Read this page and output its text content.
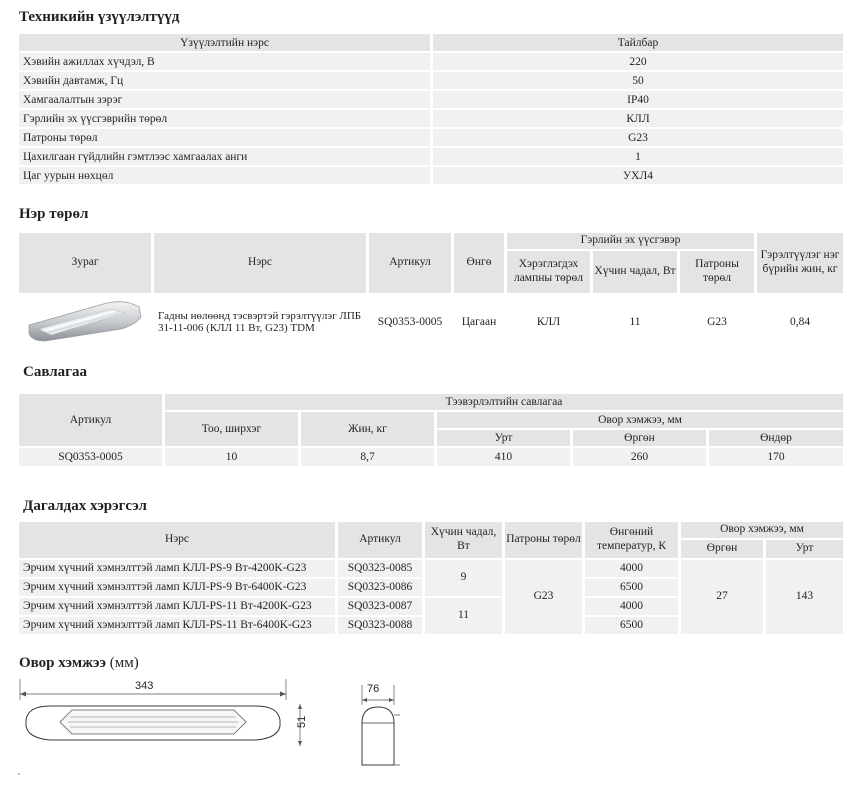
Техникийн үзүүлэлтүүд
Үзүүлэлтийн нэрс	Тайлбар
Хэвийн ажиллах хүчдэл, В	220
Хэвийн давтамж, Гц	50
Хамгаалалтын зэрэг	IP40
Гэрлийн эх үүсгэврийн төрөл	КЛЛ
Патроны төрөл	G23
Цахилгаан гүйдлийн гэмтлээс хамгаалах анги	1
Цаг уурын нөхцөл	УХЛ4
Нэр төрөл
Зураг	Нэрс	Артикул	Өнгө	Гэрлийн эх үүсгэвэр			Гэрэлтүүлэг нэг бүрийн жин, кг
				Хэрэглэгдэх лампны төрөл	Хүчин чадал, Вт	Патроны төрөл	
	Гадны нөлөөнд тэсвэртэй гэрэлтүүлэг ЛПБ 31-11-006 (КЛЛ 11 Вт, G23) TDM	SQ0353-0005	Цагаан	КЛЛ	11	G23	0,84
Савлагаа
Артикул	Тээвэрлэлтийн савлагаа				
	Тоо, ширхэг	Жин, кг	Овор хэмжээ, мм		
			Урт	Өргөн	Өндөр
SQ0353-0005	10	8,7	410	260	170
Дагалдах хэрэгсэл
Нэрс	Артикул	Хүчин чадал, Вт	Патроны төрөл	Өнгөний температур, К	Овор хэмжээ, мм	
					Өргөн	Урт
Эрчим хүчний хэмнэлттэй ламп КЛЛ-PS-9 Вт-4200K-G23	SQ0323-0085	9	G23	4000	27	143
Эрчим хүчний хэмнэлттэй ламп КЛЛ-PS-9 Вт-6400K-G23	SQ0323-0086			6500		
Эрчим хүчний хэмнэлттэй ламп КЛЛ-PS-11 Вт-4200K-G23	SQ0323-0087	11		4000		
Эрчим хүчний хэмнэлттэй ламп КЛЛ-PS-11 Вт-6400K-G23	SQ0323-0088			6500		
Овор хэмжээ (мм)
343	76
51
